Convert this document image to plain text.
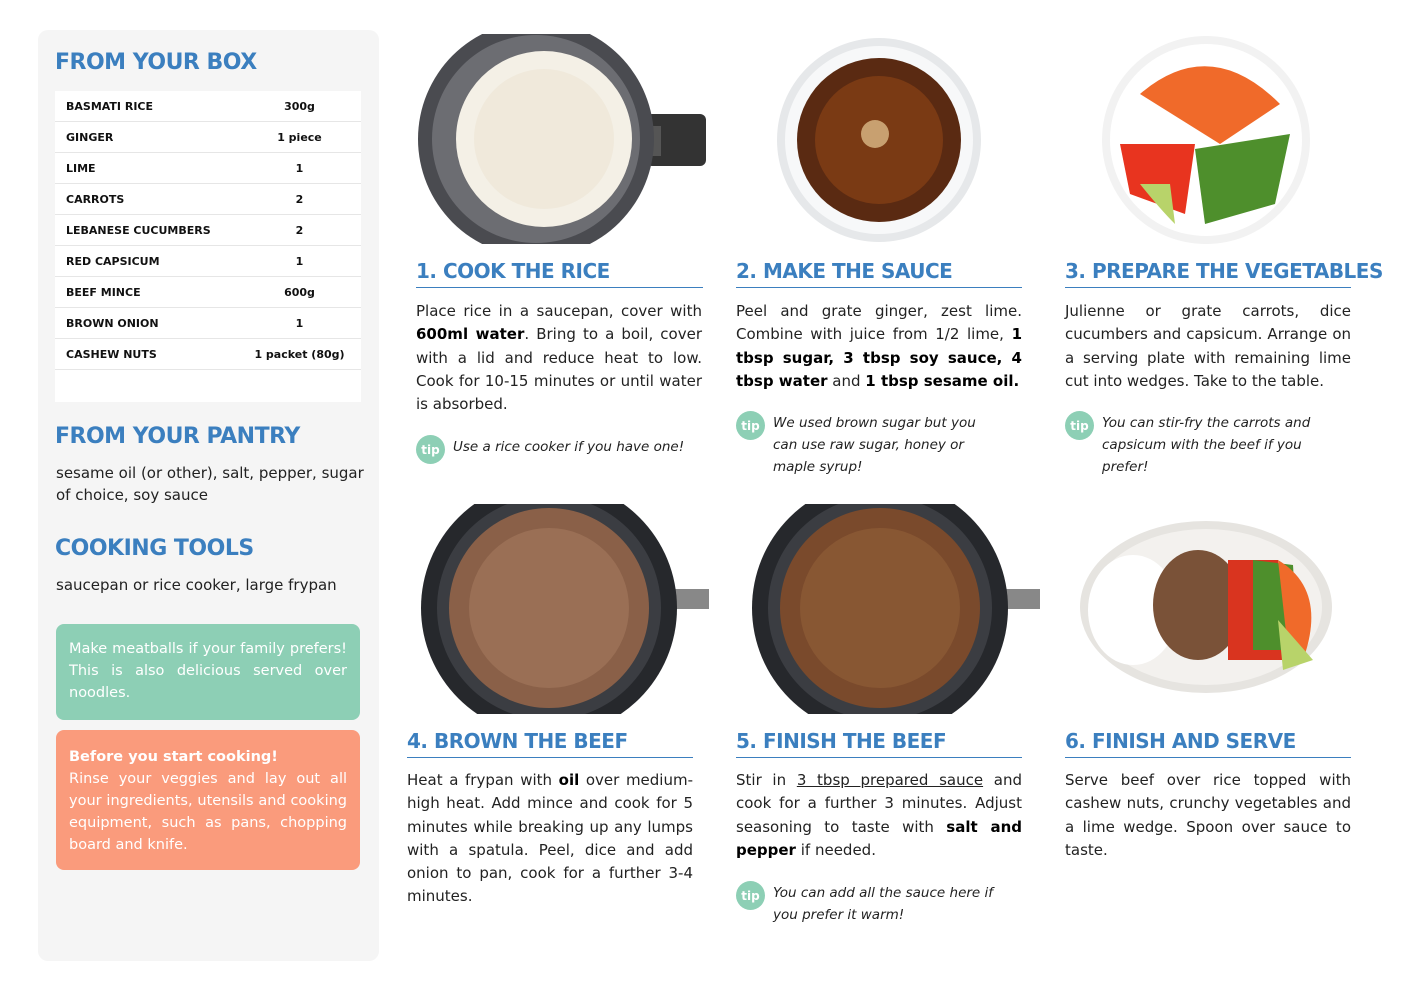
FROM YOUR BOX
BASMATI RICE	300g
GINGER	1 piece
LIME	1
CARROTS	2
LEBANESE CUCUMBERS	2
RED CAPSICUM	1
BEEF MINCE	600g
BROWN ONION	1
CASHEW NUTS	1 packet (80g)
FROM YOUR PANTRY
sesame oil (or other), salt, pepper, sugar of choice, soy sauce
COOKING TOOLS
saucepan or rice cooker, large frypan
Make meatballs if your family prefers! This is also delicious served over noodles.
Before you start cooking!
Rinse your veggies and lay out all your ingredients, utensils and cooking equipment, such as pans, chopping board and knife.
1. COOK THE RICE
Place rice in a saucepan, cover with 600ml water. Bring to a boil, cover with a lid and reduce heat to low. Cook for 10-15 minutes or until water is absorbed.
tip Use a rice cooker if you have one!
2. MAKE THE SAUCE
Peel and grate ginger, zest lime. Combine with juice from 1/2 lime, 1 tbsp sugar, 3 tbsp soy sauce, 4 tbsp water and 1 tbsp sesame oil.
tip We used brown sugar but you can use raw sugar, honey or maple syrup!
3. PREPARE THE VEGETABLES
Julienne or grate carrots, dice cucumbers and capsicum. Arrange on a serving plate with remaining lime cut into wedges. Take to the table.
tip You can stir-fry the carrots and capsicum with the beef if you prefer!
4. BROWN THE BEEF
Heat a frypan with oil over medium-high heat. Add mince and cook for 5 minutes while breaking up any lumps with a spatula. Peel, dice and add onion to pan, cook for a further 3-4 minutes.
5. FINISH THE BEEF
Stir in 3 tbsp prepared sauce and cook for a further 3 minutes. Adjust seasoning to taste with salt and pepper if needed.
tip You can add all the sauce here if you prefer it warm!
6. FINISH AND SERVE
Serve beef over rice topped with cashew nuts, crunchy vegetables and a lime wedge. Spoon over sauce to taste.
